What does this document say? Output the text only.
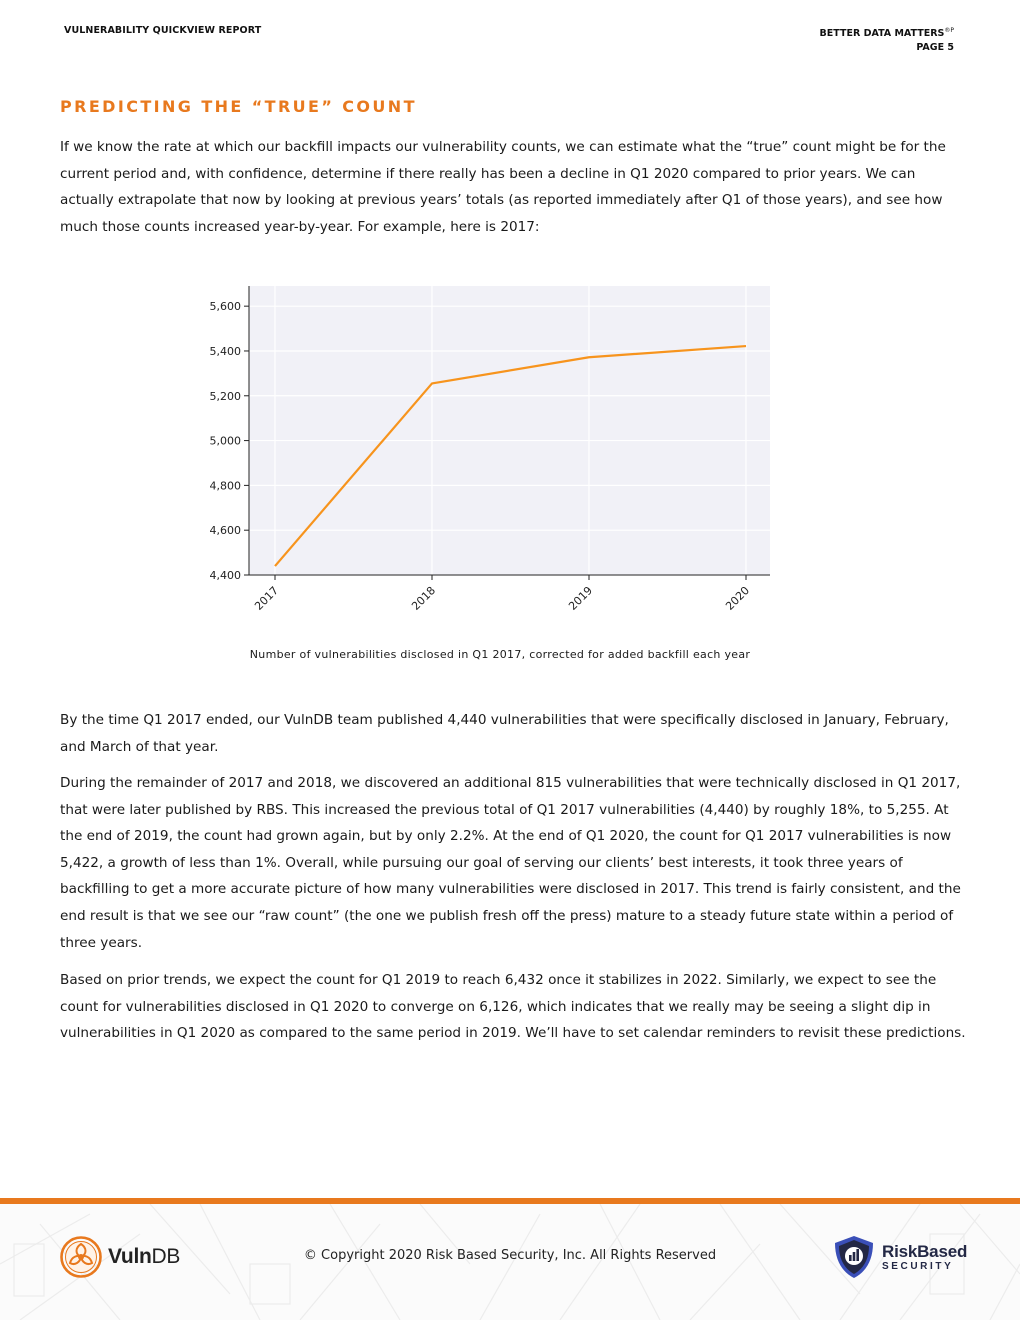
VULNERABILITY QUICKVIEW REPORT	BETTER DATA $MATTERS^{®P}$
PAGE 5
PREDICTING THE “TRUE” COUNT

If we know the rate at which our backfill impacts our vulnerability counts, we can estimate what the “true” count might be for the current period and, with confidence, determine if there really has been a decline in Q1 2020 compared to prior years. We can actually extrapolate that now by looking at previous years’ totals (as reported immediately after Q1 of those years), and see how much those counts increased year-by-year. For example, here is 2017:

4,400
4,600
4,800
5,000
5,200
5,400
5,600
2017	2018	2019	2020
Number of vulnerabilities disclosed in Q1 2017, corrected for added backfill each year

By the time Q1 2017 ended, our VulnDB team published 4,440 vulnerabilities that were specifically disclosed in January, February, and March of that year.

During the remainder of 2017 and 2018, we discovered an additional 815 vulnerabilities that were technically disclosed in Q1 2017, that were later published by RBS. This increased the previous total of Q1 2017 vulnerabilities (4,440) by roughly 18%, to 5,255. At the end of 2019, the count had grown again, but by only 2.2%. At the end of Q1 2020, the count for Q1 2017 vulnerabilities is now 5,422, a growth of less than 1%. Overall, while pursuing our goal of serving our clients’ best interests, it took three years of backfilling to get a more accurate picture of how many vulnerabilities were disclosed in 2017. This trend is fairly consistent, and the end result is that we see our “raw count” (the one we publish fresh off the press) mature to a steady future state within a period of three years.

Based on prior trends, we expect the count for Q1 2019 to reach 6,432 once it stabilizes in 2022. Similarly, we expect to see the count for vulnerabilities disclosed in Q1 2020 to converge on 6,126, which indicates that we really may be seeing a slight dip in vulnerabilities in Q1 2020 as compared to the same period in 2019. We’ll have to set calendar reminders to revisit these predictions.

VulnDB	© Copyright 2020 Risk Based Security, Inc. All Rights Reserved	RiskBased
SECURITY
